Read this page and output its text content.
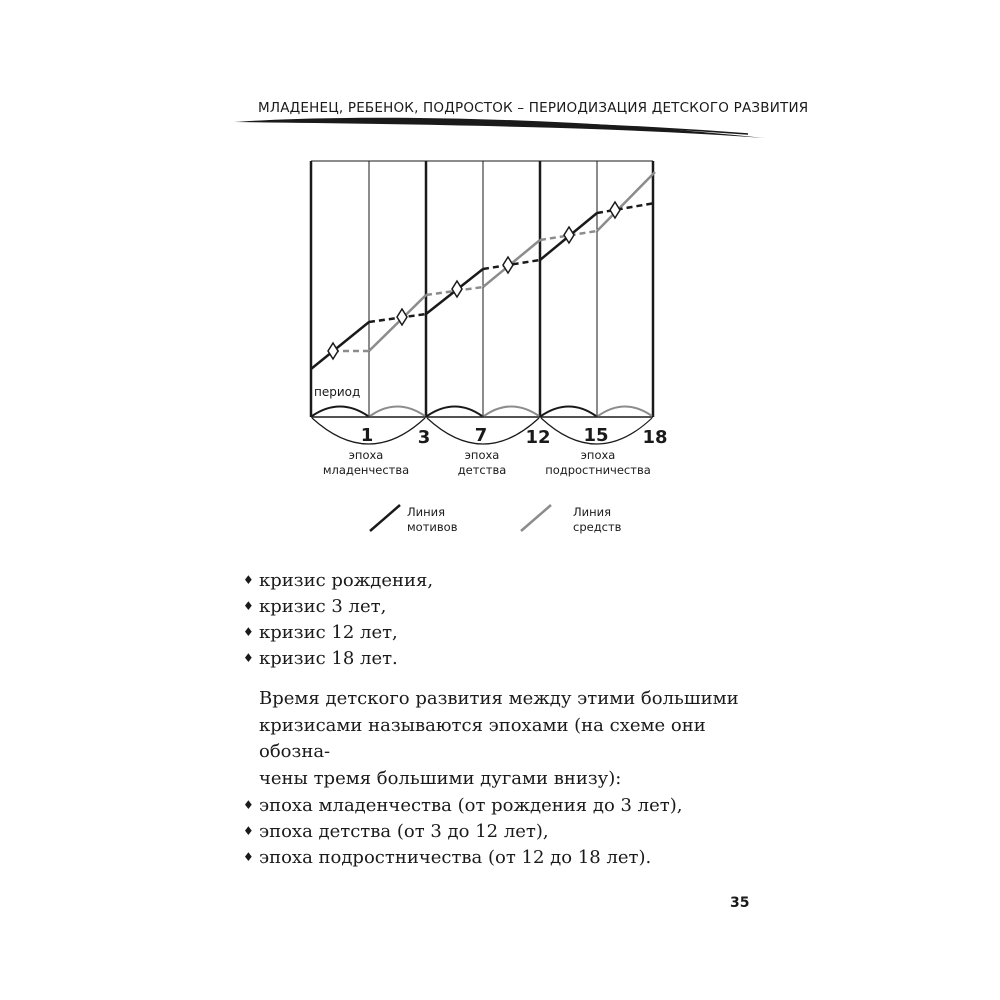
МЛАДЕНЕЦ, РЕБЕНОК, ПОДРОСТОК – ПЕРИОДИЗАЦИЯ ДЕТСКОГО РАЗВИТИЯ
период
1 3 7 12 15 18
эпоха
младенчества
эпоха
детства
эпоха
подростничества
Линия
мотивов
Линия
средств
♦ кризис рождения,
♦ кризис 3 лет,
♦ кризис 12 лет,
♦ кризис 18 лет.

Время детского развития между этими большими
кризисами называются эпохами (на схеме они обозна-
чены тремя большими дугами внизу):

♦ эпоха младенчества (от рождения до 3 лет),
♦ эпоха детства (от 3 до 12 лет),
♦ эпоха подростничества (от 12 до 18 лет).
35
